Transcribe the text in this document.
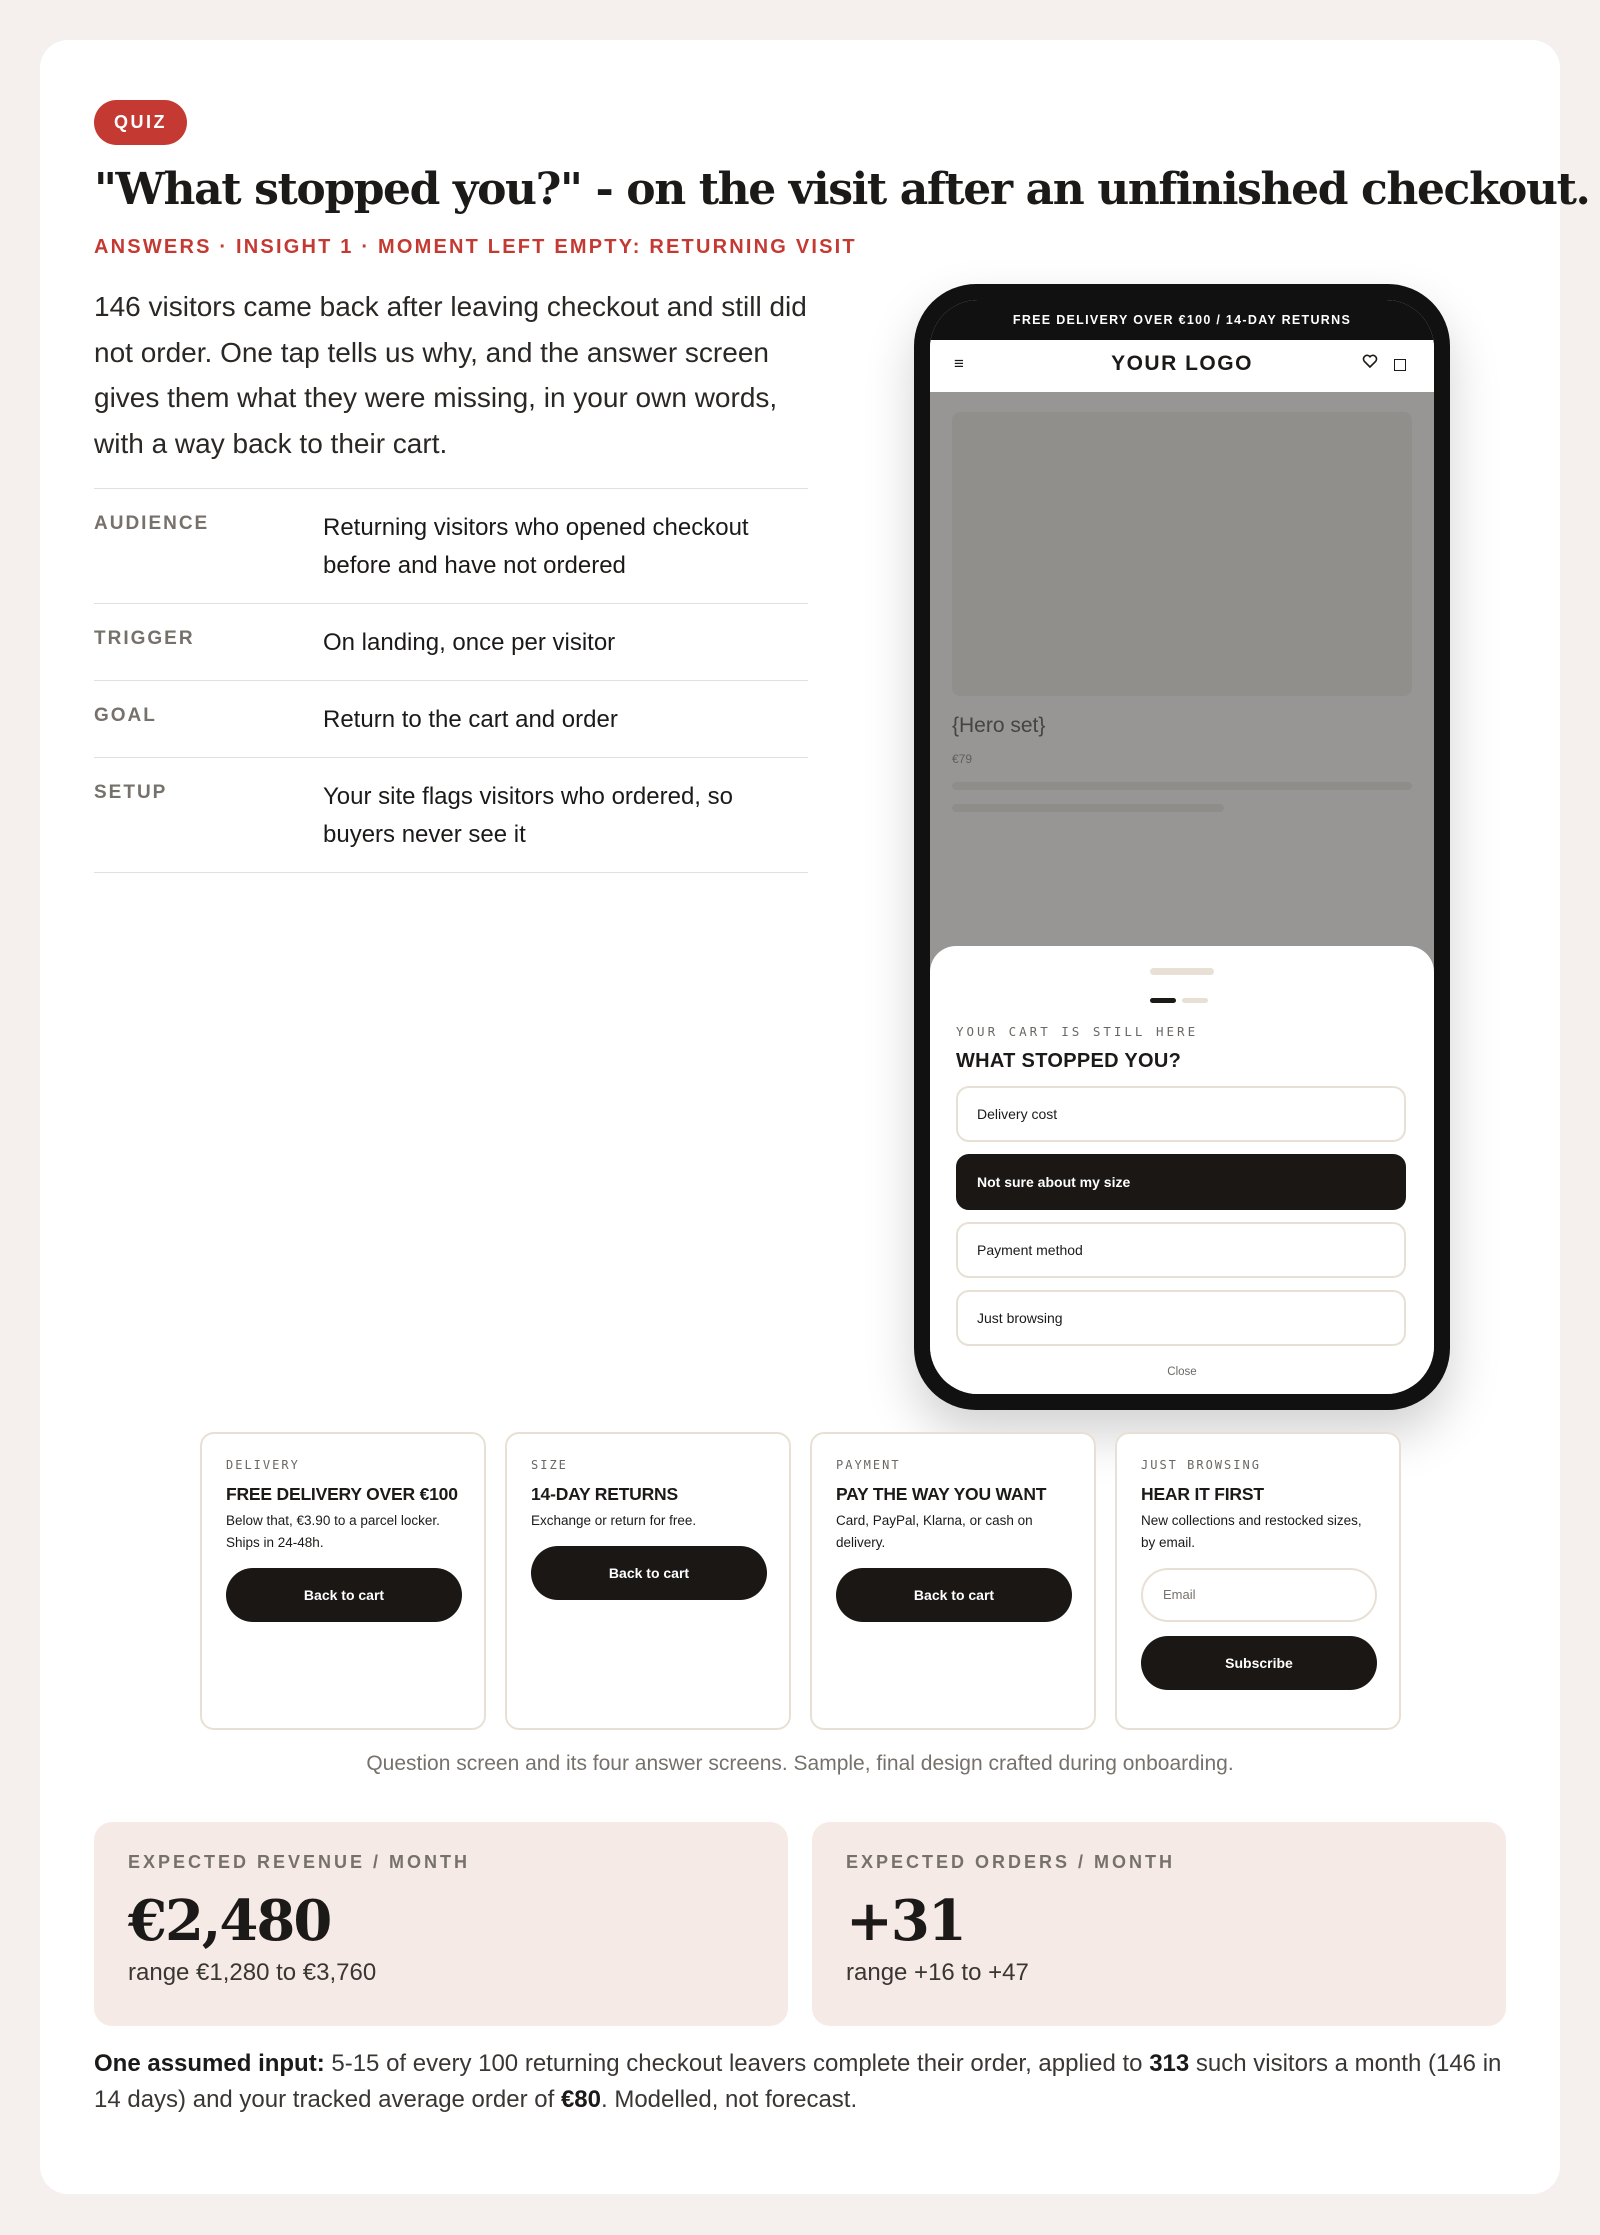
QUIZ
"What stopped you?" - on the visit after an unfinished checkout.
ANSWERS · INSIGHT 1 · MOMENT LEFT EMPTY: RETURNING VISIT

146 visitors came back after leaving checkout and still did not order. One tap tells us why, and the answer screen gives them what they were missing, in your own words, with a way back to their cart.

AUDIENCE	Returning visitors who opened checkout before and have not ordered
TRIGGER	On landing, once per visitor
GOAL	Return to the cart and order
SETUP	Your site flags visitors who ordered, so buyers never see it
FREE DELIVERY OVER €100 / 14-DAY RETURNS
≡	YOUR LOGO
{Hero set}
€79
YOUR CART IS STILL HERE
WHAT STOPPED YOU?
Delivery cost
Not sure about my size
Payment method
Just browsing
Close
DELIVERY
FREE DELIVERY OVER €100
Below that, €3.90 to a parcel locker. Ships in 24-48h.
Back to cart
SIZE
14-DAY RETURNS
Exchange or return for free.
Back to cart
PAYMENT
PAY THE WAY YOU WANT
Card, PayPal, Klarna, or cash on delivery.
Back to cart
JUST BROWSING
HEAR IT FIRST
New collections and restocked sizes, by email.
Email
Subscribe
Question screen and its four answer screens. Sample, final design crafted during onboarding.
EXPECTED REVENUE / MONTH
€2,480
range €1,280 to €3,760
EXPECTED ORDERS / MONTH
+31
range +16 to +47

One assumed input: 5-15 of every 100 returning checkout leavers complete their order, applied to 313 such visitors a month (146 in 14 days) and your tracked average order of €80. Modelled, not forecast.
